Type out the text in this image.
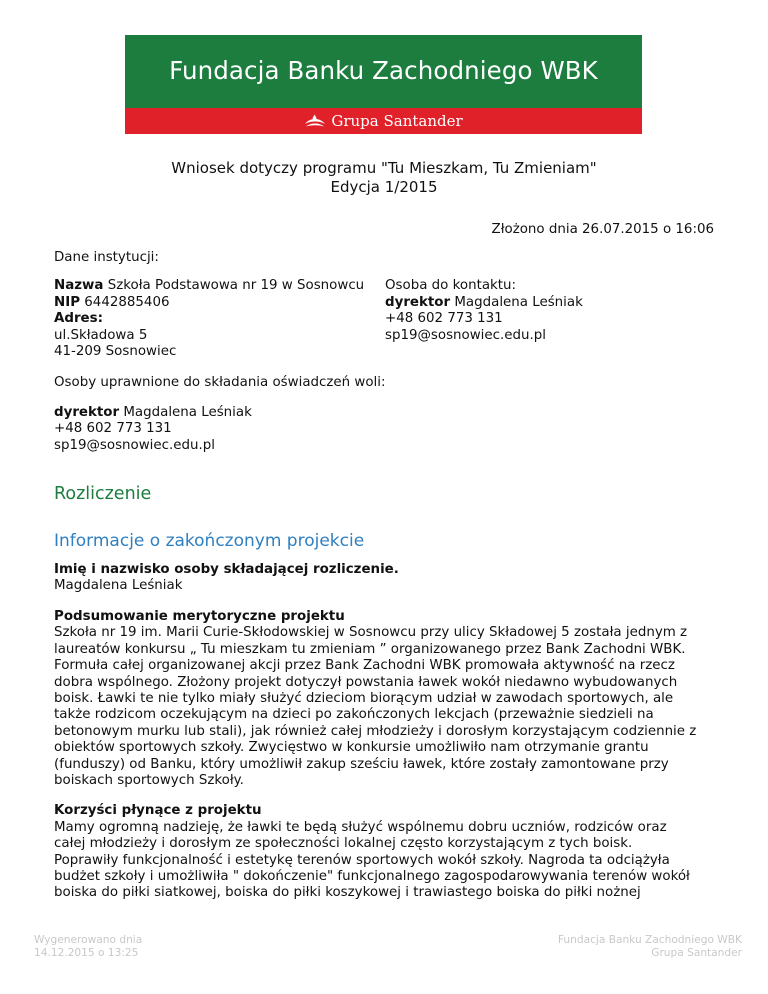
Fundacja Banku Zachodniego WBK
Grupa Santander
Wniosek dotyczy programu "Tu Mieszkam, Tu Zmieniam"
Edycja 1/2015
Złożono dnia 26.07.2015 o 16:06
Dane instytucji:
Nazwa Szkoła Podstawowa nr 19 w Sosnowcu
NIP 6442885406
Adres:
ul.Składowa 5
41-209 Sosnowiec
Osoba do kontaktu:
dyrektor Magdalena Leśniak
+48 602 773 131
sp19@sosnowiec.edu.pl
Osoby uprawnione do składania oświadczeń woli:
dyrektor Magdalena Leśniak
+48 602 773 131
sp19@sosnowiec.edu.pl
Rozliczenie
Informacje o zakończonym projekcie
Imię i nazwisko osoby składającej rozliczenie.
Magdalena Leśniak
Podsumowanie merytoryczne projektu
Szkoła nr 19 im. Marii Curie-Skłodowskiej w Sosnowcu przy ulicy Składowej 5 została jednym z
laureatów konkursu „ Tu mieszkam tu zmieniam ” organizowanego przez Bank Zachodni WBK.
Formuła całej organizowanej akcji przez Bank Zachodni WBK promowała aktywność na rzecz
dobra wspólnego. Złożony projekt dotyczył powstania ławek wokół niedawno wybudowanych
boisk. Ławki te nie tylko miały służyć dzieciom biorącym udział w zawodach sportowych, ale
także rodzicom oczekującym na dzieci po zakończonych lekcjach (przeważnie siedzieli na
betonowym murku lub stali), jak również całej młodzieży i dorosłym korzystającym codziennie z
obiektów sportowych szkoły. Zwycięstwo w konkursie umożliwiło nam otrzymanie grantu
(funduszy) od Banku, który umożliwił zakup sześciu ławek, które zostały zamontowane przy
boiskach sportowych Szkoły.
Korzyści płynące z projektu
Mamy ogromną nadzieję, że ławki te będą służyć wspólnemu dobru uczniów, rodziców oraz
całej młodzieży i dorosłym ze społeczności lokalnej często korzystającym z tych boisk.
Poprawiły funkcjonalność i estetykę terenów sportowych wokół szkoły. Nagroda ta odciążyła
budżet szkoły i umożliwiła " dokończenie" funkcjonalnego zagospodarowywania terenów wokół
boiska do piłki siatkowej, boiska do piłki koszykowej i trawiastego boiska do piłki nożnej
Wygenerowano dnia
14.12.2015 o 13:25
Fundacja Banku Zachodniego WBK
Grupa Santander
